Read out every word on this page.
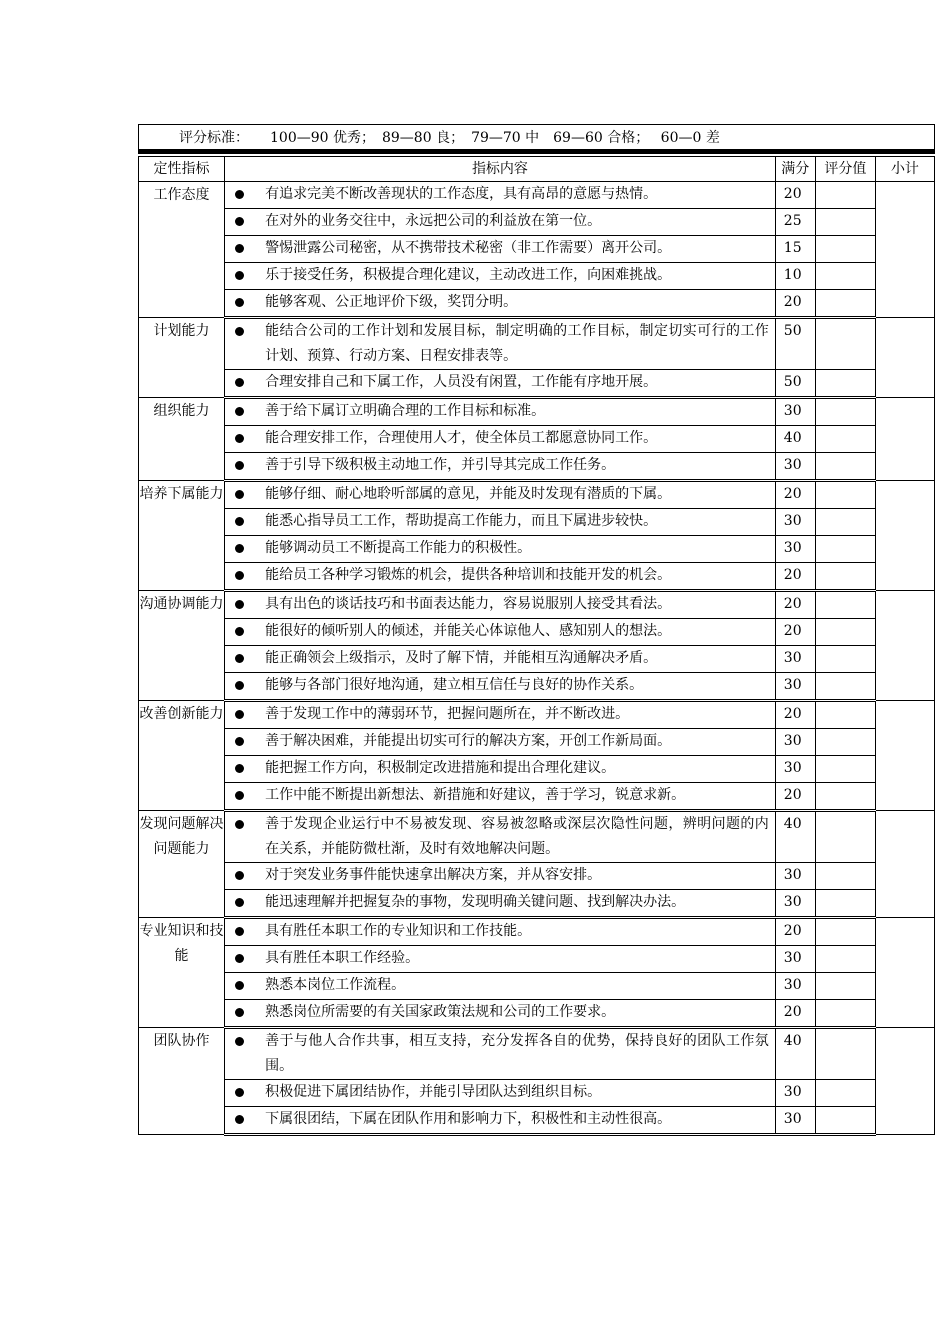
评分标准：　　100—90 优秀；　89—80 良；　79—70 中　69—60 合格；　 60—0 差
定性指标	指标内容	满分	评分值	小计
工作态度	有追求完美不断改善现状的工作态度，具有高昂的意愿与热情。	20		

	在对外的业务交往中，永远把公司的利益放在第一位。	25		

	警惕泄露公司秘密，从不携带技术秘密（非工作需要）离开公司。	15		

	乐于接受任务，积极提合理化建议，主动改进工作，向困难挑战。	10		

	能够客观、公正地评价下级，奖罚分明。	20		
计划能力	能结合公司的工作计划和发展目标，制定明确的工作目标，制定切实可行的工作计划、预算、行动方案、日程安排表等。	50		

	合理安排自己和下属工作，人员没有闲置，工作能有序地开展。	50		
组织能力	善于给下属订立明确合理的工作目标和标准。	30		

	能合理安排工作，合理使用人才，使全体员工都愿意协同工作。	40		

	善于引导下级积极主动地工作，并引导其完成工作任务。	30		
培养下属能力	能够仔细、耐心地聆听部属的意见，并能及时发现有潜质的下属。	20		

	能悉心指导员工工作，帮助提高工作能力，而且下属进步较快。	30		

	能够调动员工不断提高工作能力的积极性。	30		

	能给员工各种学习锻炼的机会，提供各种培训和技能开发的机会。	20		
沟通协调能力	具有出色的谈话技巧和书面表达能力，容易说服别人接受其看法。	20		

	能很好的倾听别人的倾述，并能关心体谅他人、感知别人的想法。	20		

	能正确领会上级指示，及时了解下情，并能相互沟通解决矛盾。	30		

	能够与各部门很好地沟通，建立相互信任与良好的协作关系。	30		
改善创新能力	善于发现工作中的薄弱环节，把握问题所在，并不断改进。	20		

	善于解决困难，并能提出切实可行的解决方案，开创工作新局面。	30		

	能把握工作方向，积极制定改进措施和提出合理化建议。	30		

	工作中能不断提出新想法、新措施和好建议，善于学习，锐意求新。	20		
发现问题解决问题能力	善于发现企业运行中不易被发现、容易被忽略或深层次隐性问题，辨明问题的内在关系，并能防微杜渐，及时有效地解决问题。	40		

	对于突发业务事件能快速拿出解决方案，并从容安排。	30		

	能迅速理解并把握复杂的事物，发现明确关键问题、找到解决办法。	30		
专业知识和技能	具有胜任本职工作的专业知识和工作技能。	20		

	具有胜任本职工作经验。	30		

	熟悉本岗位工作流程。	30		

	熟悉岗位所需要的有关国家政策法规和公司的工作要求。	20		
团队协作	善于与他人合作共事，相互支持，充分发挥各自的优势，保持良好的团队工作氛围。	40		

	积极促进下属团结协作，并能引导团队达到组织目标。	30		

	下属很团结，下属在团队作用和影响力下，积极性和主动性很高。	30		
